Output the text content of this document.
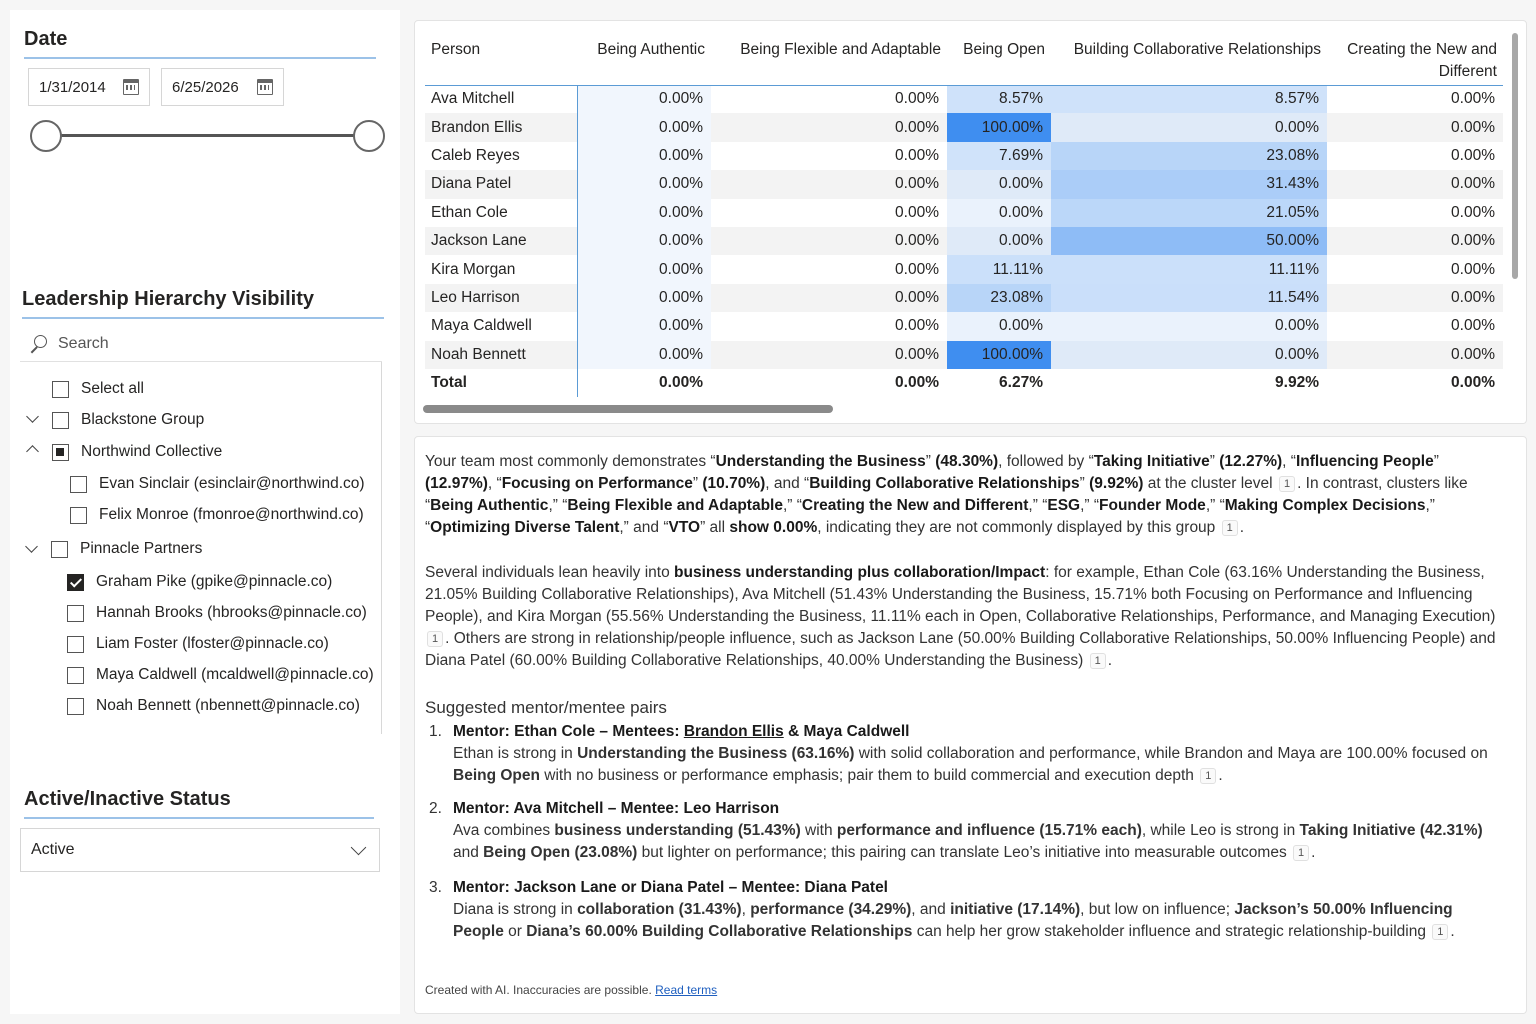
Date
1/31/2014	6/25/2026
Leadership Hierarchy Visibility
Search
Select all
Blackstone Group
Northwind Collective
Evan Sinclair (esinclair@northwind.co)
Felix Monroe (fmonroe@northwind.co)
Pinnacle Partners
Graham Pike (gpike@pinnacle.co)
Hannah Brooks (hbrooks@pinnacle.co)
Liam Foster (lfoster@pinnacle.co)
Maya Caldwell (mcaldwell@pinnacle.co)
Noah Bennett (nbennett@pinnacle.co)
Active/Inactive Status
Active
Person	Being Authentic	Being Flexible and Adaptable	Being Open	Building Collaborative Relationships	Creating the New and Different
Ava Mitchell	0.00%	0.00%	8.57%	8.57%	0.00%
Brandon Ellis	0.00%	0.00%	100.00%	0.00%	0.00%
Caleb Reyes	0.00%	0.00%	7.69%	23.08%	0.00%
Diana Patel	0.00%	0.00%	0.00%	31.43%	0.00%
Ethan Cole	0.00%	0.00%	0.00%	21.05%	0.00%
Jackson Lane	0.00%	0.00%	0.00%	50.00%	0.00%
Kira Morgan	0.00%	0.00%	11.11%	11.11%	0.00%
Leo Harrison	0.00%	0.00%	23.08%	11.54%	0.00%
Maya Caldwell	0.00%	0.00%	0.00%	0.00%	0.00%
Noah Bennett	0.00%	0.00%	100.00%	0.00%	0.00%
Total	0.00%	0.00%	6.27%	9.92%	0.00%
Your team most commonly demonstrates “Understanding the Business” (48.30%), followed by “Taking Initiative” (12.27%), “Influencing People” (12.97%), “Focusing on Performance” (10.70%), and “Building Collaborative Relationships” (9.92%) at the cluster level 1 . In contrast, clusters like “Being Authentic,” “Being Flexible and Adaptable,” “Creating the New and Different,” “ESG,” “Founder Mode,” “Making Complex Decisions,” “Optimizing Diverse Talent,” and “VTO” all show 0.00%, indicating they are not commonly displayed by this group 1 .
Several individuals lean heavily into business understanding plus collaboration/Impact: for example, Ethan Cole (63.16% Understanding the Business, 21.05% Building Collaborative Relationships), Ava Mitchell (51.43% Understanding the Business, 15.71% both Focusing on Performance and Influencing People), and Kira Morgan (55.56% Understanding the Business, 11.11% each in Open, Collaborative Relationships, Performance, and Managing Execution) 1 . Others are strong in relationship/people influence, such as Jackson Lane (50.00% Building Collaborative Relationships, 50.00% Influencing People) and Diana Patel (60.00% Building Collaborative Relationships, 40.00% Understanding the Business) 1 .
Suggested mentor/mentee pairs
1. Mentor: Ethan Cole – Mentees: Brandon Ellis & Maya Caldwell
Ethan is strong in Understanding the Business (63.16%) with solid collaboration and performance, while Brandon and Maya are 100.00% focused on Being Open with no business or performance emphasis; pair them to build commercial and execution depth 1 .
2. Mentor: Ava Mitchell – Mentee: Leo Harrison
Ava combines business understanding (51.43%) with performance and influence (15.71% each), while Leo is strong in Taking Initiative (42.31%) and Being Open (23.08%) but lighter on performance; this pairing can translate Leo’s initiative into measurable outcomes 1 .
3. Mentor: Jackson Lane or Diana Patel – Mentee: Diana Patel
Diana is strong in collaboration (31.43%), performance (34.29%), and initiative (17.14%), but low on influence; Jackson’s 50.00% Influencing People or Diana’s 60.00% Building Collaborative Relationships can help her grow stakeholder influence and strategic relationship-building 1 .
Created with AI. Inaccuracies are possible. Read terms
